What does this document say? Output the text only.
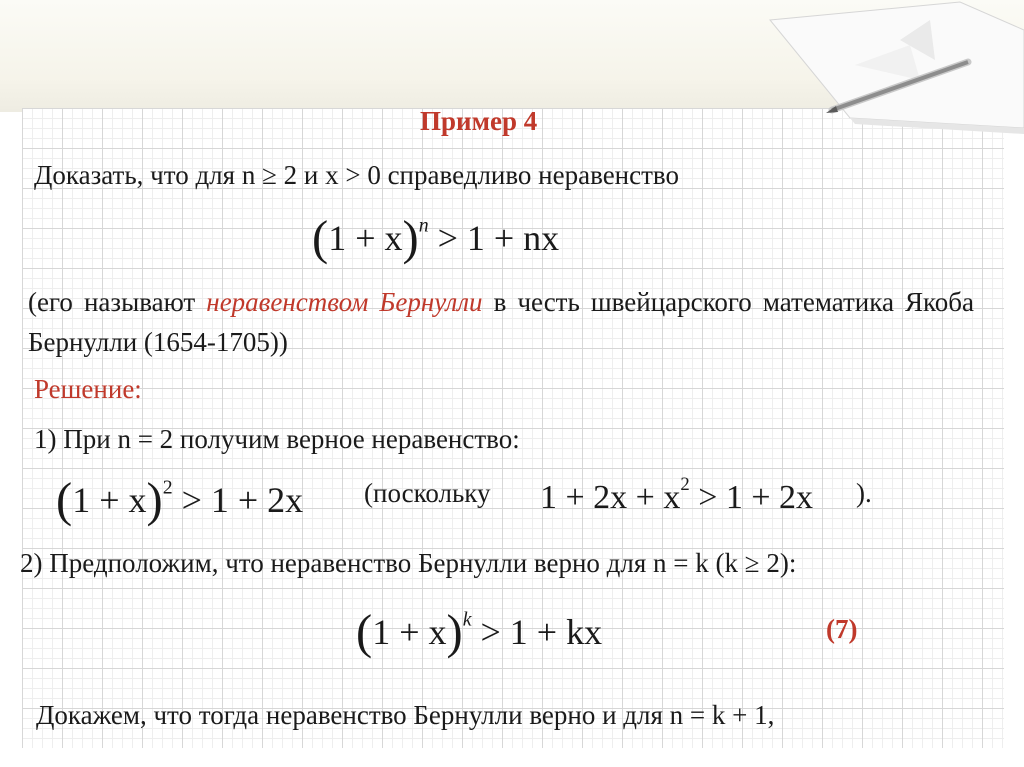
Пример 4
Доказать, что для n ≥ 2 и x > 0 справедливо неравенство
$(1 + x)^n > 1$ + nx
(его называют неравенством Бернулли в честь швейцарского математика Якоба Бернулли (1654-1705))
Решение:
1) При n = 2 получим верное неравенство:
$(1 + x)^2 > 1 + 2x$ (поскольку $1 + 2x + x^2 > 1 + 2x$ ).
2) Предположим, что неравенство Бернулли верно для n = k (k ≥ 2):
$(1 + x)^k > 1$ + kx	(7)
Докажем, что тогда неравенство Бернулли верно и для n = k + 1,
